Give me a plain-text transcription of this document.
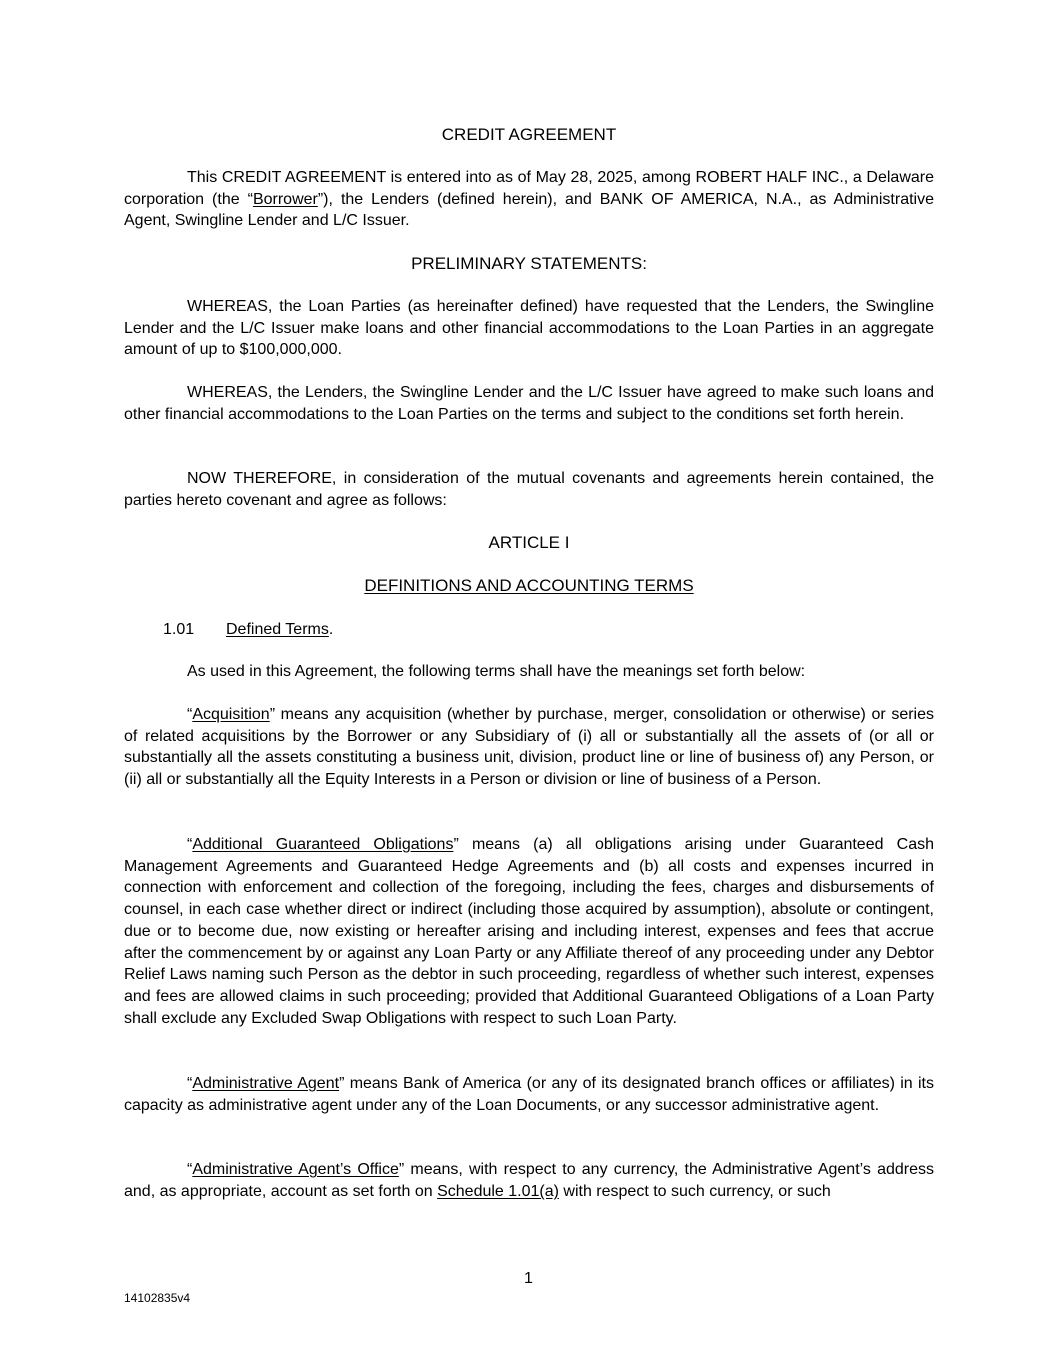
CREDIT AGREEMENT

This CREDIT AGREEMENT is entered into as of May 28, 2025, among ROBERT HALF INC., a Delaware corporation (the “Borrower”), the Lenders (defined herein), and BANK OF AMERICA, N.A., as Administrative Agent, Swingline Lender and L/C Issuer.

PRELIMINARY STATEMENTS:

WHEREAS, the Loan Parties (as hereinafter defined) have requested that the Lenders, the Swingline Lender and the L/C Issuer make loans and other financial accommodations to the Loan Parties in an aggregate amount of up to $100,000,000.

WHEREAS, the Lenders, the Swingline Lender and the L/C Issuer have agreed to make such loans and other financial accommodations to the Loan Parties on the terms and subject to the conditions set forth herein.

NOW THEREFORE, in consideration of the mutual covenants and agreements herein contained, the parties hereto covenant and agree as follows:

ARTICLE I
DEFINITIONS AND ACCOUNTING TERMS
1.01 Defined Terms.

As used in this Agreement, the following terms shall have the meanings set forth below:

“Acquisition” means any acquisition (whether by purchase, merger, consolidation or otherwise) or series of related acquisitions by the Borrower or any Subsidiary of (i) all or substantially all the assets of (or all or substantially all the assets constituting a business unit, division, product line or line of business of) any Person, or (ii) all or substantially all the Equity Interests in a Person or division or line of business of a Person.

“Additional Guaranteed Obligations” means (a) all obligations arising under Guaranteed Cash Management Agreements and Guaranteed Hedge Agreements and (b) all costs and expenses incurred in connection with enforcement and collection of the foregoing, including the fees, charges and disbursements of counsel, in each case whether direct or indirect (including those acquired by assumption), absolute or contingent, due or to become due, now existing or hereafter arising and including interest, expenses and fees that accrue after the commencement by or against any Loan Party or any Affiliate thereof of any proceeding under any Debtor Relief Laws naming such Person as the debtor in such proceeding, regardless of whether such interest, expenses and fees are allowed claims in such proceeding; provided that Additional Guaranteed Obligations of a Loan Party shall exclude any Excluded Swap Obligations with respect to such Loan Party.

“Administrative Agent” means Bank of America (or any of its designated branch offices or affiliates) in its capacity as administrative agent under any of the Loan Documents, or any successor administrative agent.

“Administrative Agent’s Office” means, with respect to any currency, the Administrative Agent’s address and, as appropriate, account as set forth on Schedule 1.01(a) with respect to such currency, or such

1
14102835v4
